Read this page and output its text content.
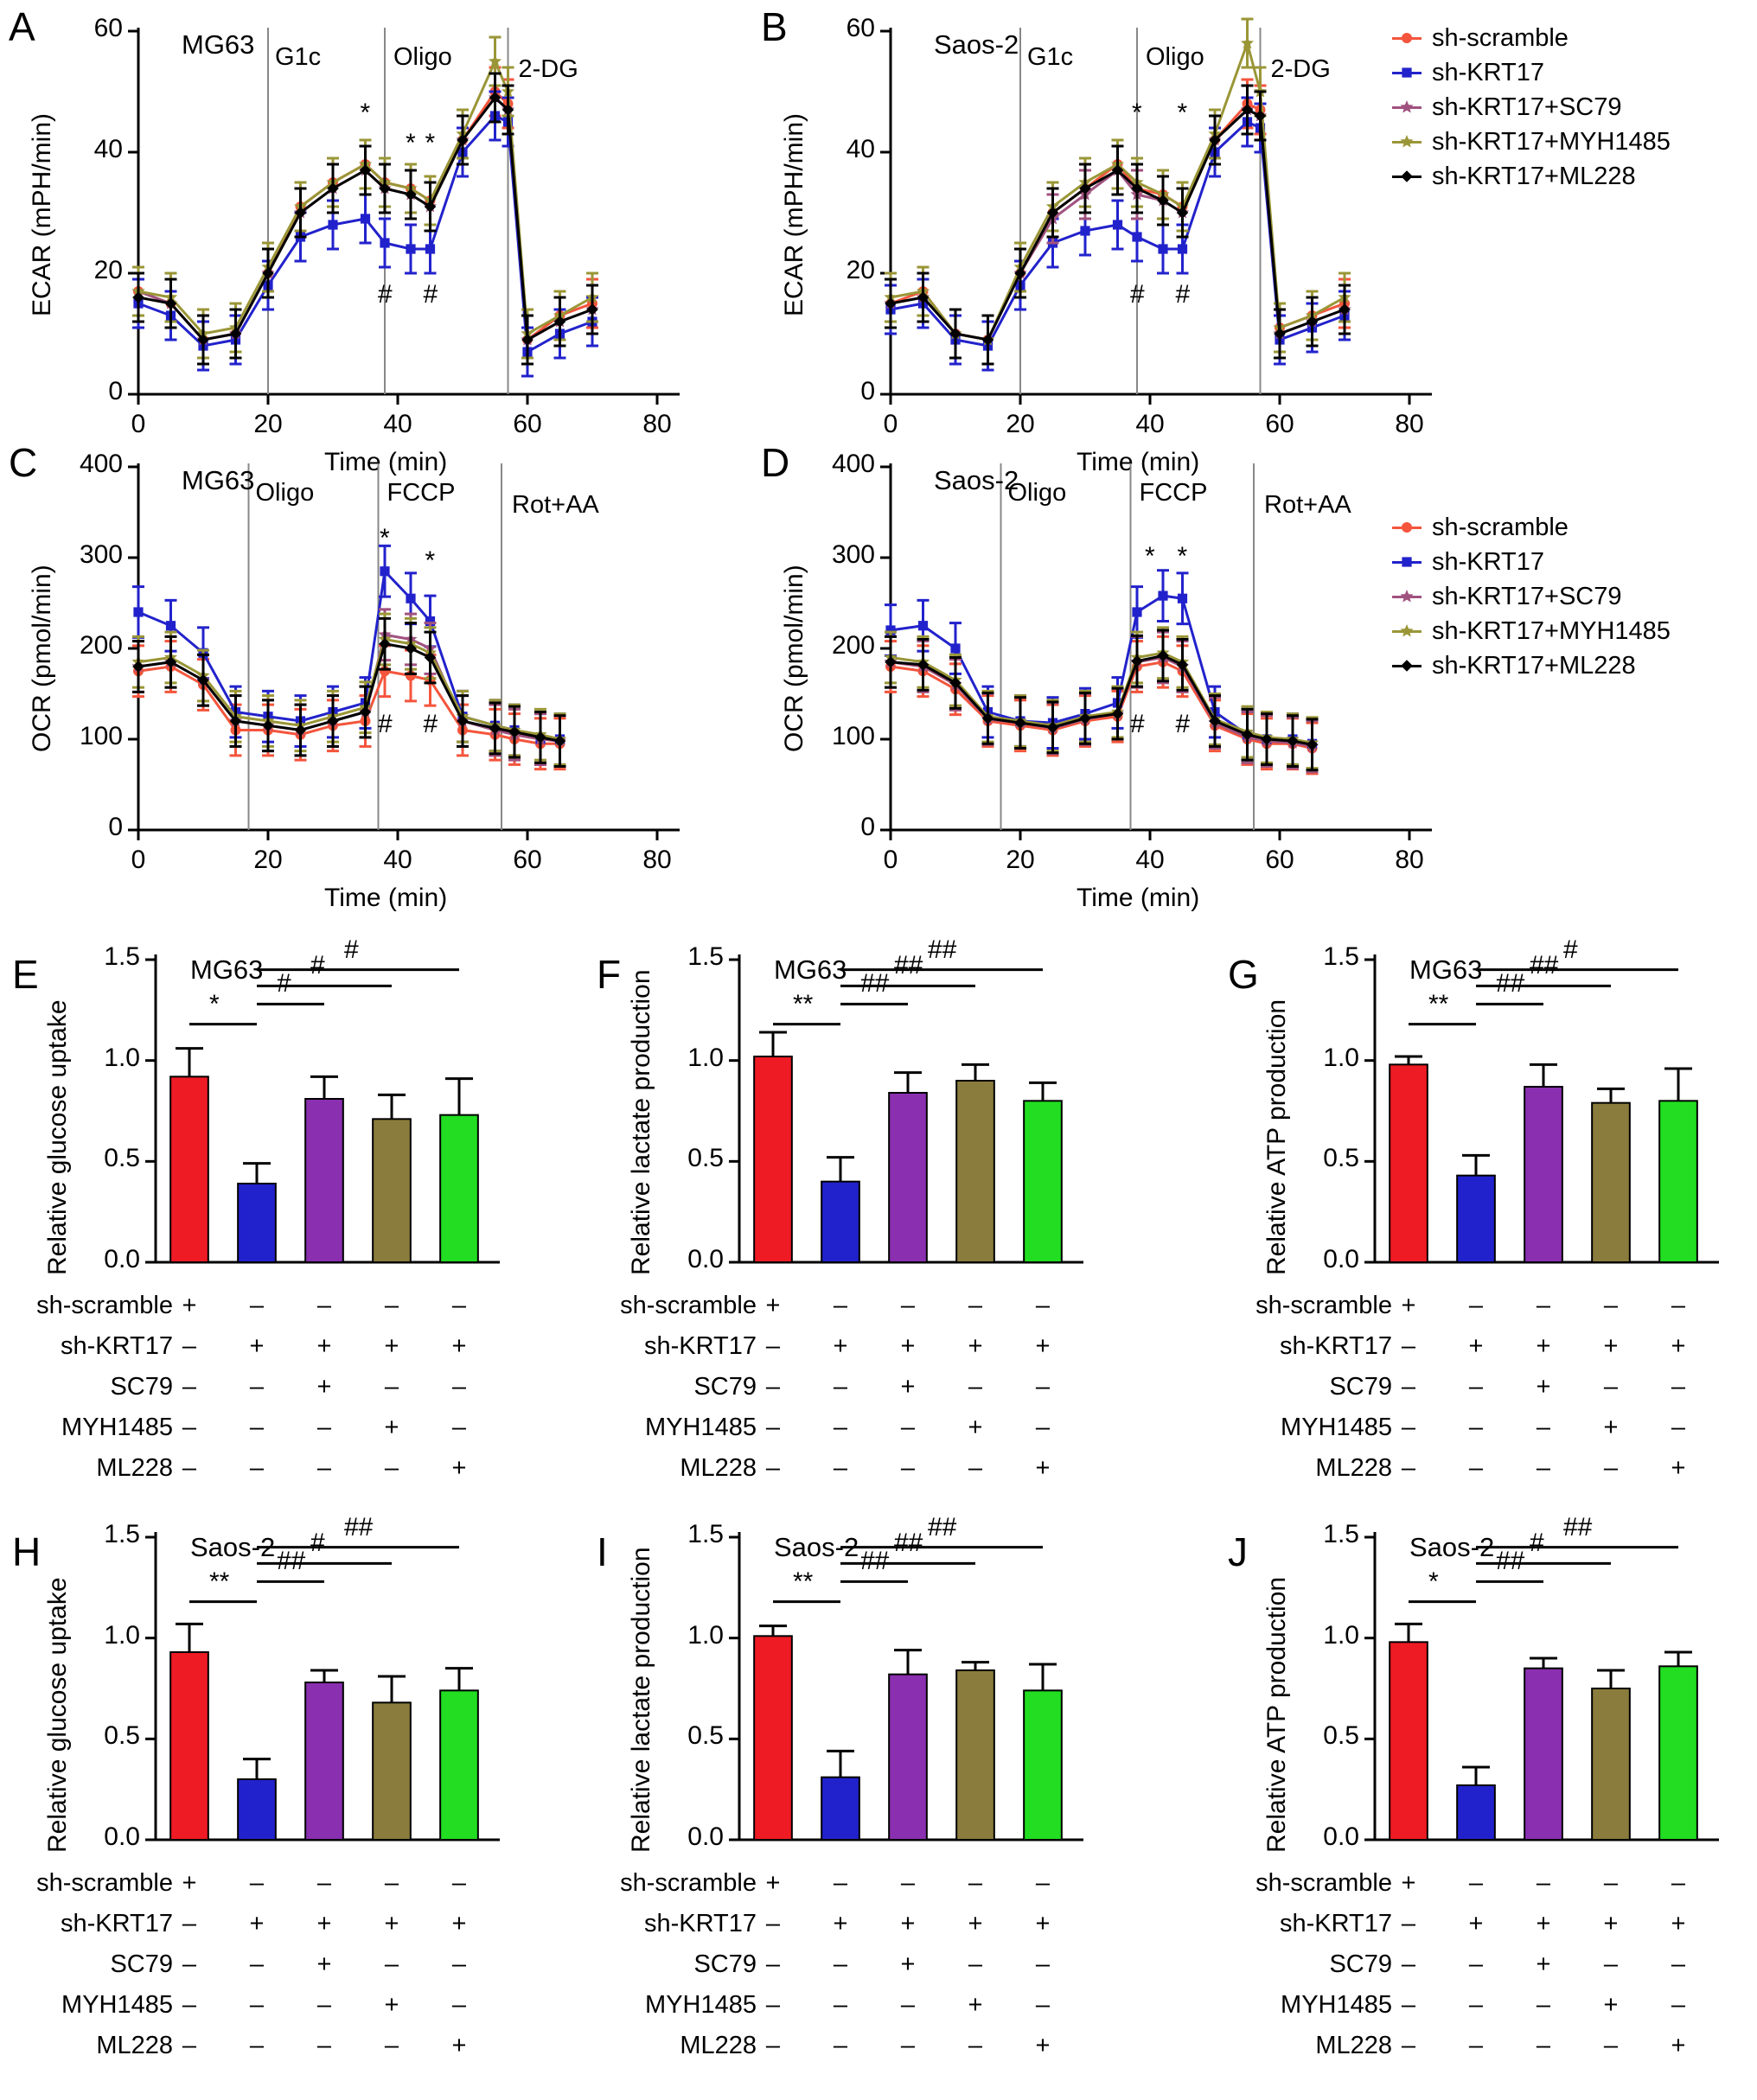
A	B
C	D
E	F	G
H	I	J
0	20	40	60	80
0
20
40
60
MG63
Time (min)
ECAR (mPH/min)
G1c	Oligo	2-DG
*
* *
# #
0	20	40	60	80
0
20
40
60
Saos-2
Time (min)
ECAR (mPH/min)
G1c	Oligo	2-DG
* *
# #
0	20	40	60	80
0
100
200
300
400
MG63
Time (min)
OCR (pmol/min)
Oligo	FCCP Rot+AA
*
*
# #
0	20	40	60	80
0
100
200
300
400
Saos-2
Time (min)
OCR (pmol/min)
Oligo	FCCP Rot+AA
* *
# #
0.0
0.5
1.0
1.5
*
#
#
#
MG63
Relative glucose uptake
sh-scramble +	–	–	–	–
sh-KRT17 –	+	+	+	+
SC79 –	–	+	–	–
MYH1485 –	–	–	+	–
ML228 –	–	–	–	+
0.0
0.5
1.0
1.5
**
##
##
##
MG63
Relative lactate production
sh-scramble +	–	–	–	–
sh-KRT17 –	+	+	+	+
SC79 –	–	+	–	–
MYH1485 –	–	–	+	–
ML228 –	–	–	–	+
0.0
0.5
1.0
1.5
**
##
##
#
MG63
Relative ATP production
sh-scramble +	–	–	–	–
sh-KRT17 –	+	+	+	+
SC79 –	–	+	–	–
MYH1485 –	–	–	+	–
ML228 –	–	–	–	+
0.0
0.5
1.0
1.5
**
##
#
##
Saos-2
Relative glucose uptake
sh-scramble +	–	–	–	–
sh-KRT17 –	+	+	+	+
SC79 –	–	+	–	–
MYH1485 –	–	–	+	–
ML228 –	–	–	–	+
0.0
0.5
1.0
1.5
**
##
##
##
Saos-2
Relative lactate production
sh-scramble +	–	–	–	–
sh-KRT17 –	+	+	+	+
SC79 –	–	+	–	–
MYH1485 –	–	–	+	–
ML228 –	–	–	–	+
0.0
0.5
1.0
1.5
*
##
#
##
Saos-2
Relative ATP production
sh-scramble +	–	–	–	–
sh-KRT17 –	+	+	+	+
SC79 –	–	+	–	–
MYH1485 –	–	–	+	–
ML228 –	–	–	–	+
sh-scramble
sh-KRT17
sh-KRT17+SC79
sh-KRT17+MYH1485
sh-KRT17+ML228
sh-scramble
sh-KRT17
sh-KRT17+SC79
sh-KRT17+MYH1485
sh-KRT17+ML228
